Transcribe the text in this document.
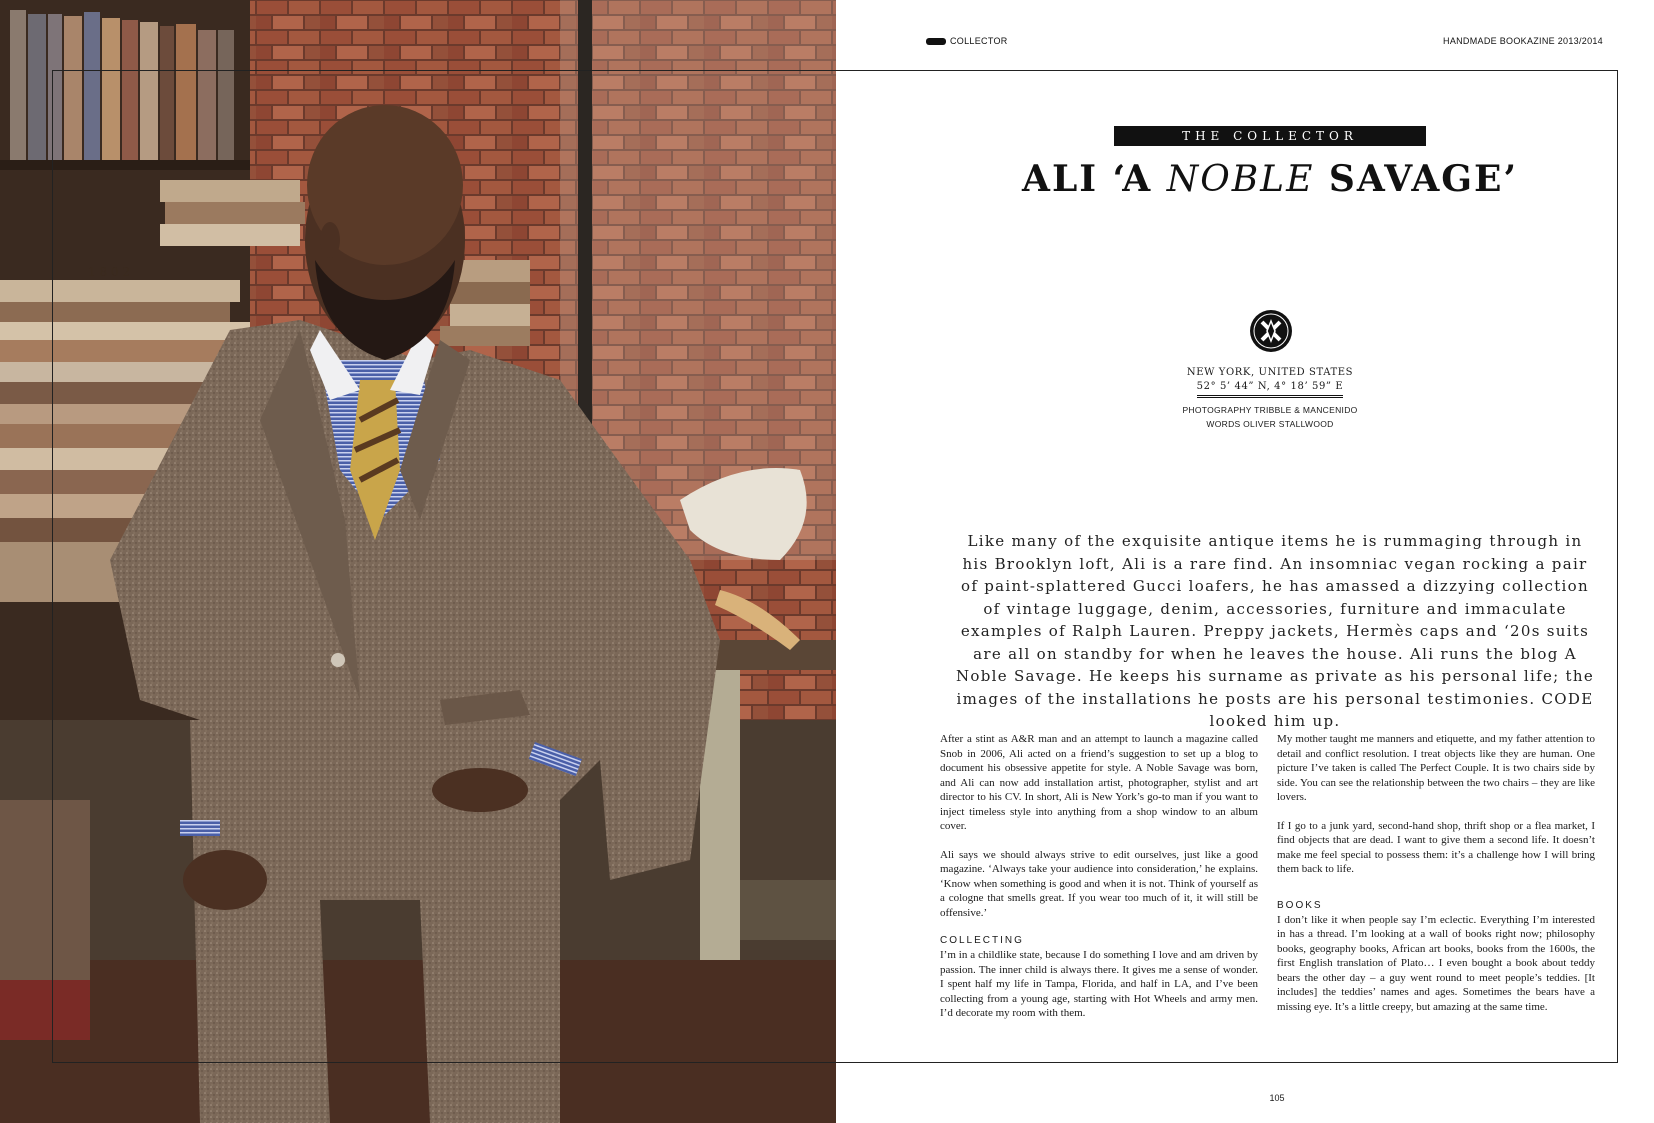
1 8 0 2
COLLECTOR	HANDMADE BOOKAZINE 2013/2014
THE COLLECTOR
ALI ‘A NOBLE SAVAGE’
NEW YORK, UNITED STATES
52° 5’ 44” N, 4° 18’ 59” E
PHOTOGRAPHY TRIBBLE & MANCENIDO
WORDS OLIVER STALLWOOD
Like many of the exquisite antique items he is rummaging through in his Brooklyn loft, Ali is a rare find. An insomniac vegan rocking a pair of paint-splattered Gucci loafers, he has amassed a dizzying collection of vintage luggage, denim, accessories, furniture and immaculate examples of Ralph Lauren. Preppy jackets, Hermès caps and ‘20s suits are all on standby for when he leaves the house. Ali runs the blog A Noble Savage. He keeps his surname as private as his personal life; the images of the installations he posts are his personal testimonies. CODE looked him up.

After a stint as A&R man and an attempt to launch a magazine called Snob in 2006, Ali acted on a friend’s suggestion to set up a blog to document his obsessive appetite for style. A Noble Savage was born, and Ali can now add installation artist, photographer, stylist and art director to his CV. In short, Ali is New York’s go-to man if you want to inject timeless style into anything from a shop window to an album cover.

Ali says we should always strive to edit ourselves, just like a good magazine. ‘Always take your audience into consideration,’ he explains. ‘Know when something is good and when it is not. Think of yourself as a cologne that smells great. If you wear too much of it, it will still be offensive.’

COLLECTING

I’m in a childlike state, because I do something I love and am driven by passion. The inner child is always there. It gives me a sense of wonder. I spent half my life in Tampa, Florida, and half in LA, and I’ve been collecting from a young age, starting with Hot Wheels and army men. I’d decorate my room with them.

My mother taught me manners and etiquette, and my father attention to detail and conflict resolution. I treat objects like they are human. One picture I’ve taken is called The Perfect Couple. It is two chairs side by side. You can see the relationship between the two chairs – they are like lovers.

If I go to a junk yard, second-hand shop, thrift shop or a flea market, I find objects that are dead. I want to give them a second life. It doesn’t make me feel special to possess them: it’s a challenge how I will bring them back to life.

BOOKS

I don’t like it when people say I’m eclectic. Everything I’m interested in has a thread. I’m looking at a wall of books right now; philosophy books, geography books, African art books, books from the 1600s, the first English translation of Plato… I even bought a book about teddy bears the other day – a guy went round to meet people’s teddies. [It includes] the teddies’ names and ages. Sometimes the bears have a missing eye. It’s a little creepy, but amazing at the same time.

105
